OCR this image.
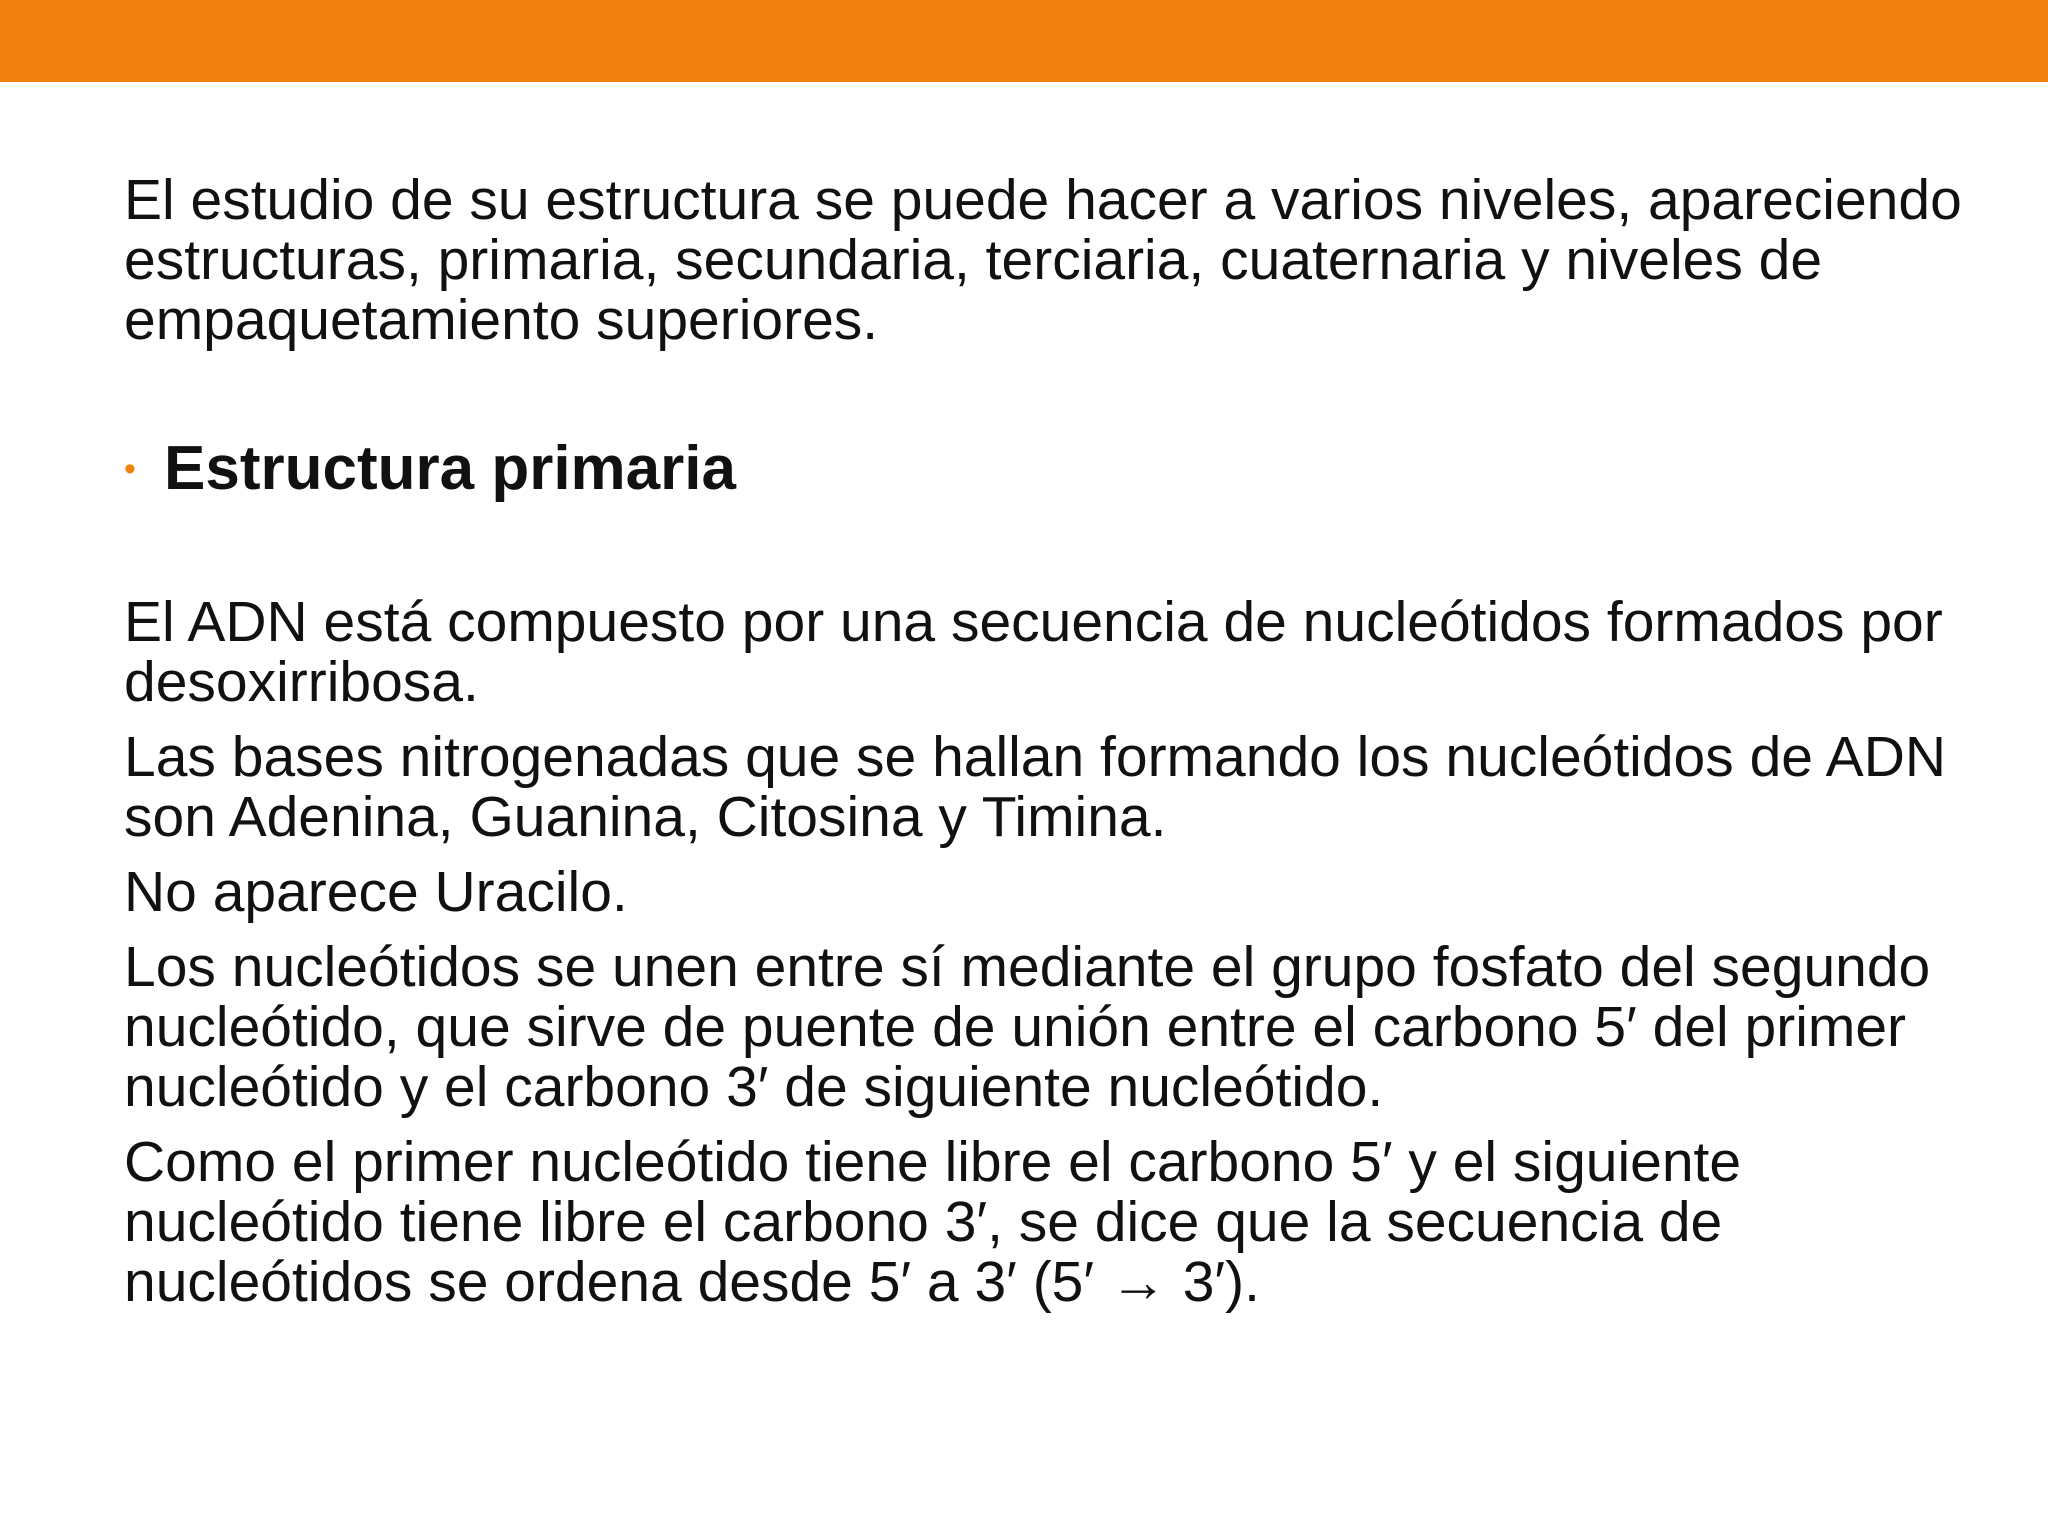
El estudio de su estructura se puede hacer a varios niveles, apareciendo estructuras, primaria, secundaria, terciaria, cuaternaria y niveles de empaquetamiento superiores.

• Estructura primaria

El ADN está compuesto por una secuencia de nucleótidos formados por desoxirribosa.

Las bases nitrogenadas que se hallan formando los nucleótidos de ADN son Adenina, Guanina, Citosina y Timina.

No aparece Uracilo.

Los nucleótidos se unen entre sí mediante el grupo fosfato del segundo nucleótido, que sirve de puente de unión entre el carbono 5′ del primer nucleótido y el carbono 3′ de siguiente nucleótido.

Como el primer nucleótido tiene libre el carbono 5′ y el siguiente nucleótido tiene libre el carbono 3′, se dice que la secuencia de nucleótidos se ordena desde 5′ a 3′ (5′ → 3′).
